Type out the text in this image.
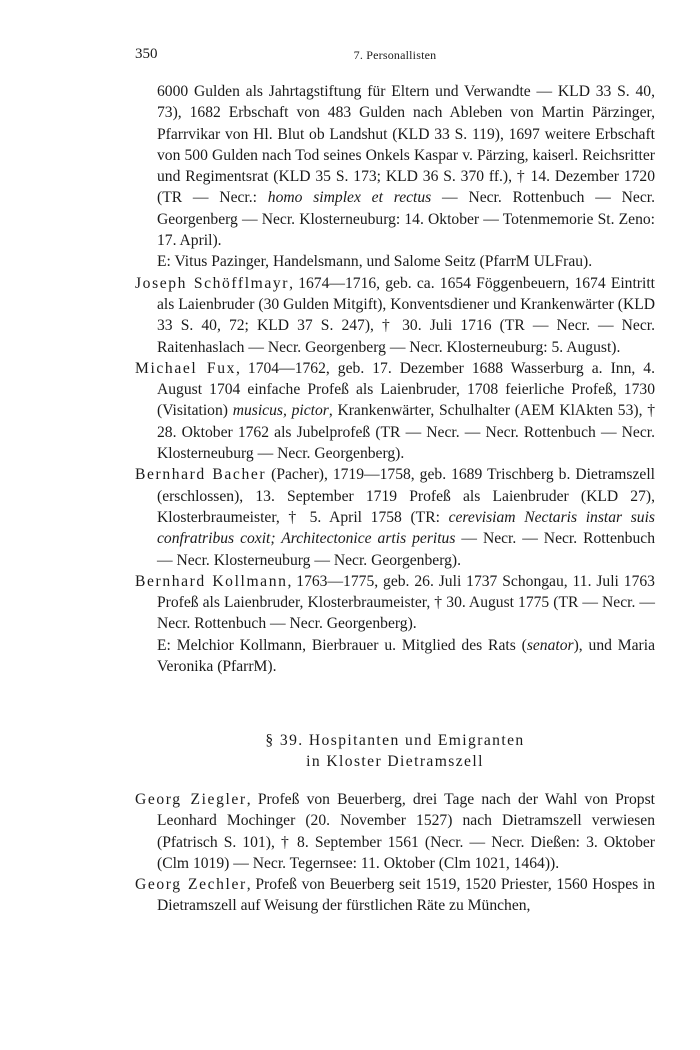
350	7. Personallisten

6000 Gulden als Jahrtagstiftung für Eltern und Verwandte — KLD 33 S. 40, 73), 1682 Erbschaft von 483 Gulden nach Ableben von Martin Pärzinger, Pfarrvikar von Hl. Blut ob Landshut (KLD 33 S. 119), 1697 weitere Erbschaft von 500 Gulden nach Tod seines Onkels Kaspar v. Pärzing, kaiserl. Reichsritter und Regimentsrat (KLD 35 S. 173; KLD 36 S. 370 ff.), † 14. Dezember 1720 (TR — Necr.: homo simplex et rectus — Necr. Rottenbuch — Necr. Georgenberg — Necr. Klosterneuburg: 14. Oktober — Totenmemorie St. Zeno: 17. April).

E: Vitus Pazinger, Handelsmann, und Salome Seitz (PfarrM ULFrau).

Joseph Schöfflmayr, 1674—1716, geb. ca. 1654 Föggenbeuern, 1674 Eintritt als Laienbruder (30 Gulden Mitgift), Konventsdiener und Krankenwärter (KLD 33 S. 40, 72; KLD 37 S. 247), † 30. Juli 1716 (TR — Necr. — Necr. Raitenhaslach — Necr. Georgenberg — Necr. Klosterneuburg: 5. August).

Michael Fux, 1704—1762, geb. 17. Dezember 1688 Wasserburg a. Inn, 4. August 1704 einfache Profeß als Laienbruder, 1708 feierliche Profeß, 1730 (Visitation) musicus, pictor, Krankenwärter, Schulhalter (AEM KlAkten 53), † 28. Oktober 1762 als Jubelprofeß (TR — Necr. — Necr. Rottenbuch — Necr. Klosterneuburg — Necr. Georgenberg).

Bernhard Bacher (Pacher), 1719—1758, geb. 1689 Trischberg b. Dietramszell (erschlossen), 13. September 1719 Profeß als Laienbruder (KLD 27), Klosterbraumeister, † 5. April 1758 (TR: cerevisiam Nectaris instar suis confratribus coxit; Architectonice artis peritus — Necr. — Necr. Rottenbuch — Necr. Klosterneuburg — Necr. Georgenberg).

Bernhard Kollmann, 1763—1775, geb. 26. Juli 1737 Schongau, 11. Juli 1763 Profeß als Laienbruder, Klosterbraumeister, † 30. August 1775 (TR — Necr. — Necr. Rottenbuch — Necr. Georgenberg).

E: Melchior Kollmann, Bierbrauer u. Mitglied des Rats (senator), und Maria Veronika (PfarrM).

§ 39. Hospitanten und Emigranten
in Kloster Dietramszell

Georg Ziegler, Profeß von Beuerberg, drei Tage nach der Wahl von Propst Leonhard Mochinger (20. November 1527) nach Dietramszell verwiesen (Pfatrisch S. 101), † 8. September 1561 (Necr. — Necr. Dießen: 3. Oktober (Clm 1019) — Necr. Tegernsee: 11. Oktober (Clm 1021, 1464)).

Georg Zechler, Profeß von Beuerberg seit 1519, 1520 Priester, 1560 Hospes in Dietramszell auf Weisung der fürstlichen Räte zu München,
